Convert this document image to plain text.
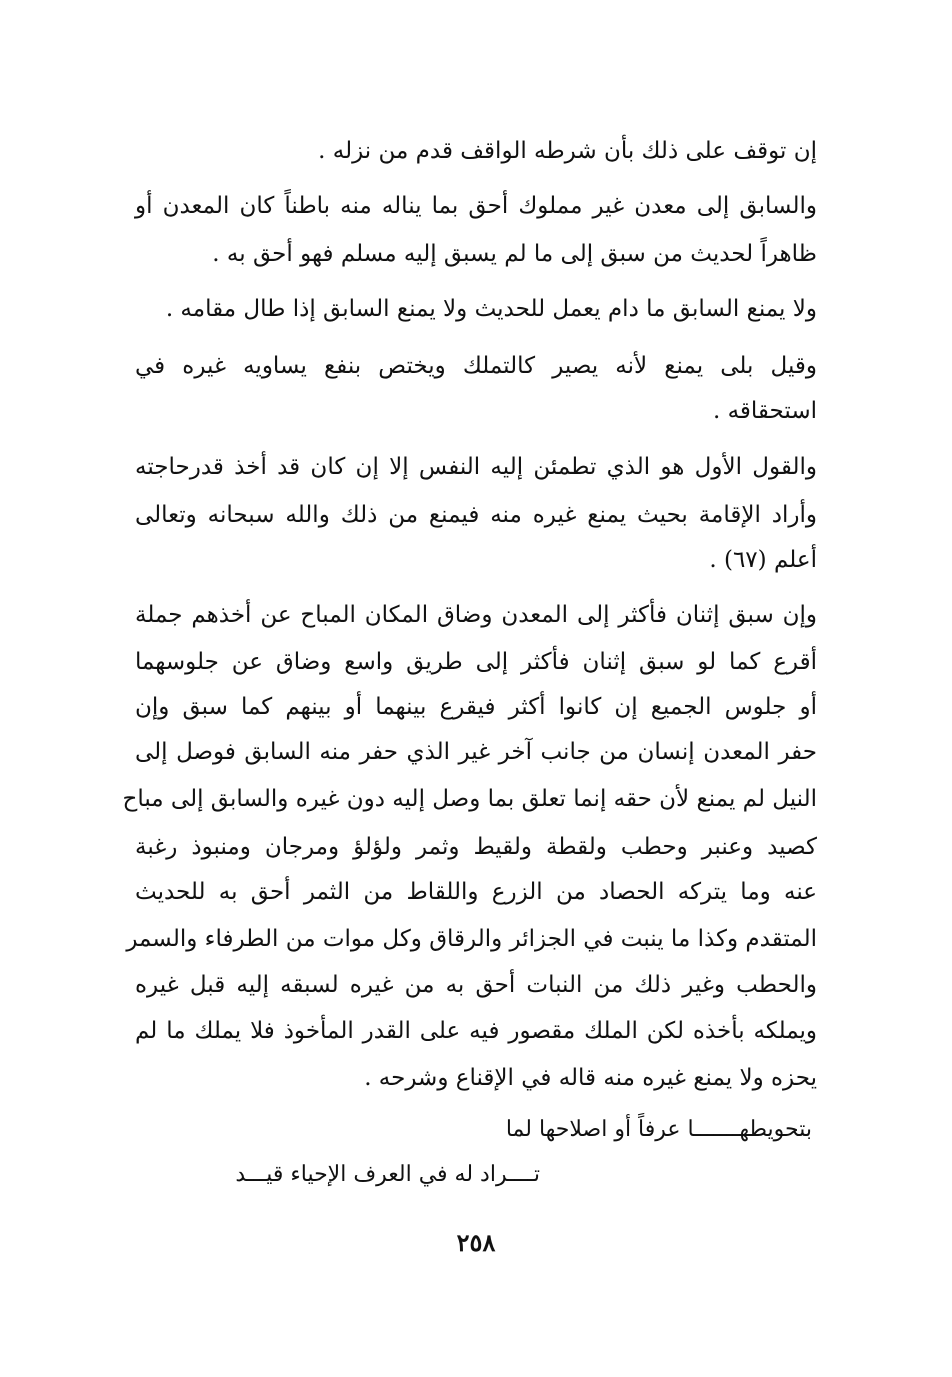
إن توقف على ذلك بأن شرطه الواقف قدم من نزله .
والسابق إلى معدن غير مملوك أحق بما يناله منه باطناً كان المعدن أو
ظاهراً لحديث من سبق إلى ما لم يسبق إليه مسلم فهو أحق به .
ولا يمنع السابق ما دام يعمل للحديث ولا يمنع السابق إذا طال مقامه .
وقيل بلى يمنع لأنه يصير كالتملك ويختص بنفع يساويه غيره في
استحقاقه .
والقول الأول هو الذي تطمئن إليه النفس إلا إن كان قد أخذ قدرحاجته
وأراد الإقامة بحيث يمنع غيره منه فيمنع من ذلك والله سبحانه وتعالى
أعلم (٦٧) .
وإن سبق إثنان فأكثر إلى المعدن وضاق المكان المباح عن أخذهم جملة
أقرع كما لو سبق إثنان فأكثر إلى طريق واسع وضاق عن جلوسهما
أو جلوس الجميع إن كانوا أكثر فيقرع بينهما أو بينهم كما سبق وإن
حفر المعدن إنسان من جانب آخر غير الذي حفر منه السابق فوصل إلى
النيل لم يمنع لأن حقه إنما تعلق بما وصل إليه دون غيره والسابق إلى مباح
كصيد وعنبر وحطب ولقطة ولقيط وثمر ولؤلؤ ومرجان ومنبوذ رغبة
عنه وما يتركه الحصاد من الزرع واللقاط من الثمر أحق به للحديث
المتقدم وكذا ما ينبت في الجزائر والرقاق وكل موات من الطرفاء والسمر
والحطب وغير ذلك من النبات أحق به من غيره لسبقه إليه قبل غيره
ويملكه بأخذه لكن الملك مقصور فيه على القدر المأخوذ فلا يملك ما لم
يحزه ولا يمنع غيره منه قاله في الإقناع وشرحه .
بتحويطهـــــــا عرفاً أو اصلاحها لما
تــــراد له في العرف الإحياء قيـــد
٢٥٨
